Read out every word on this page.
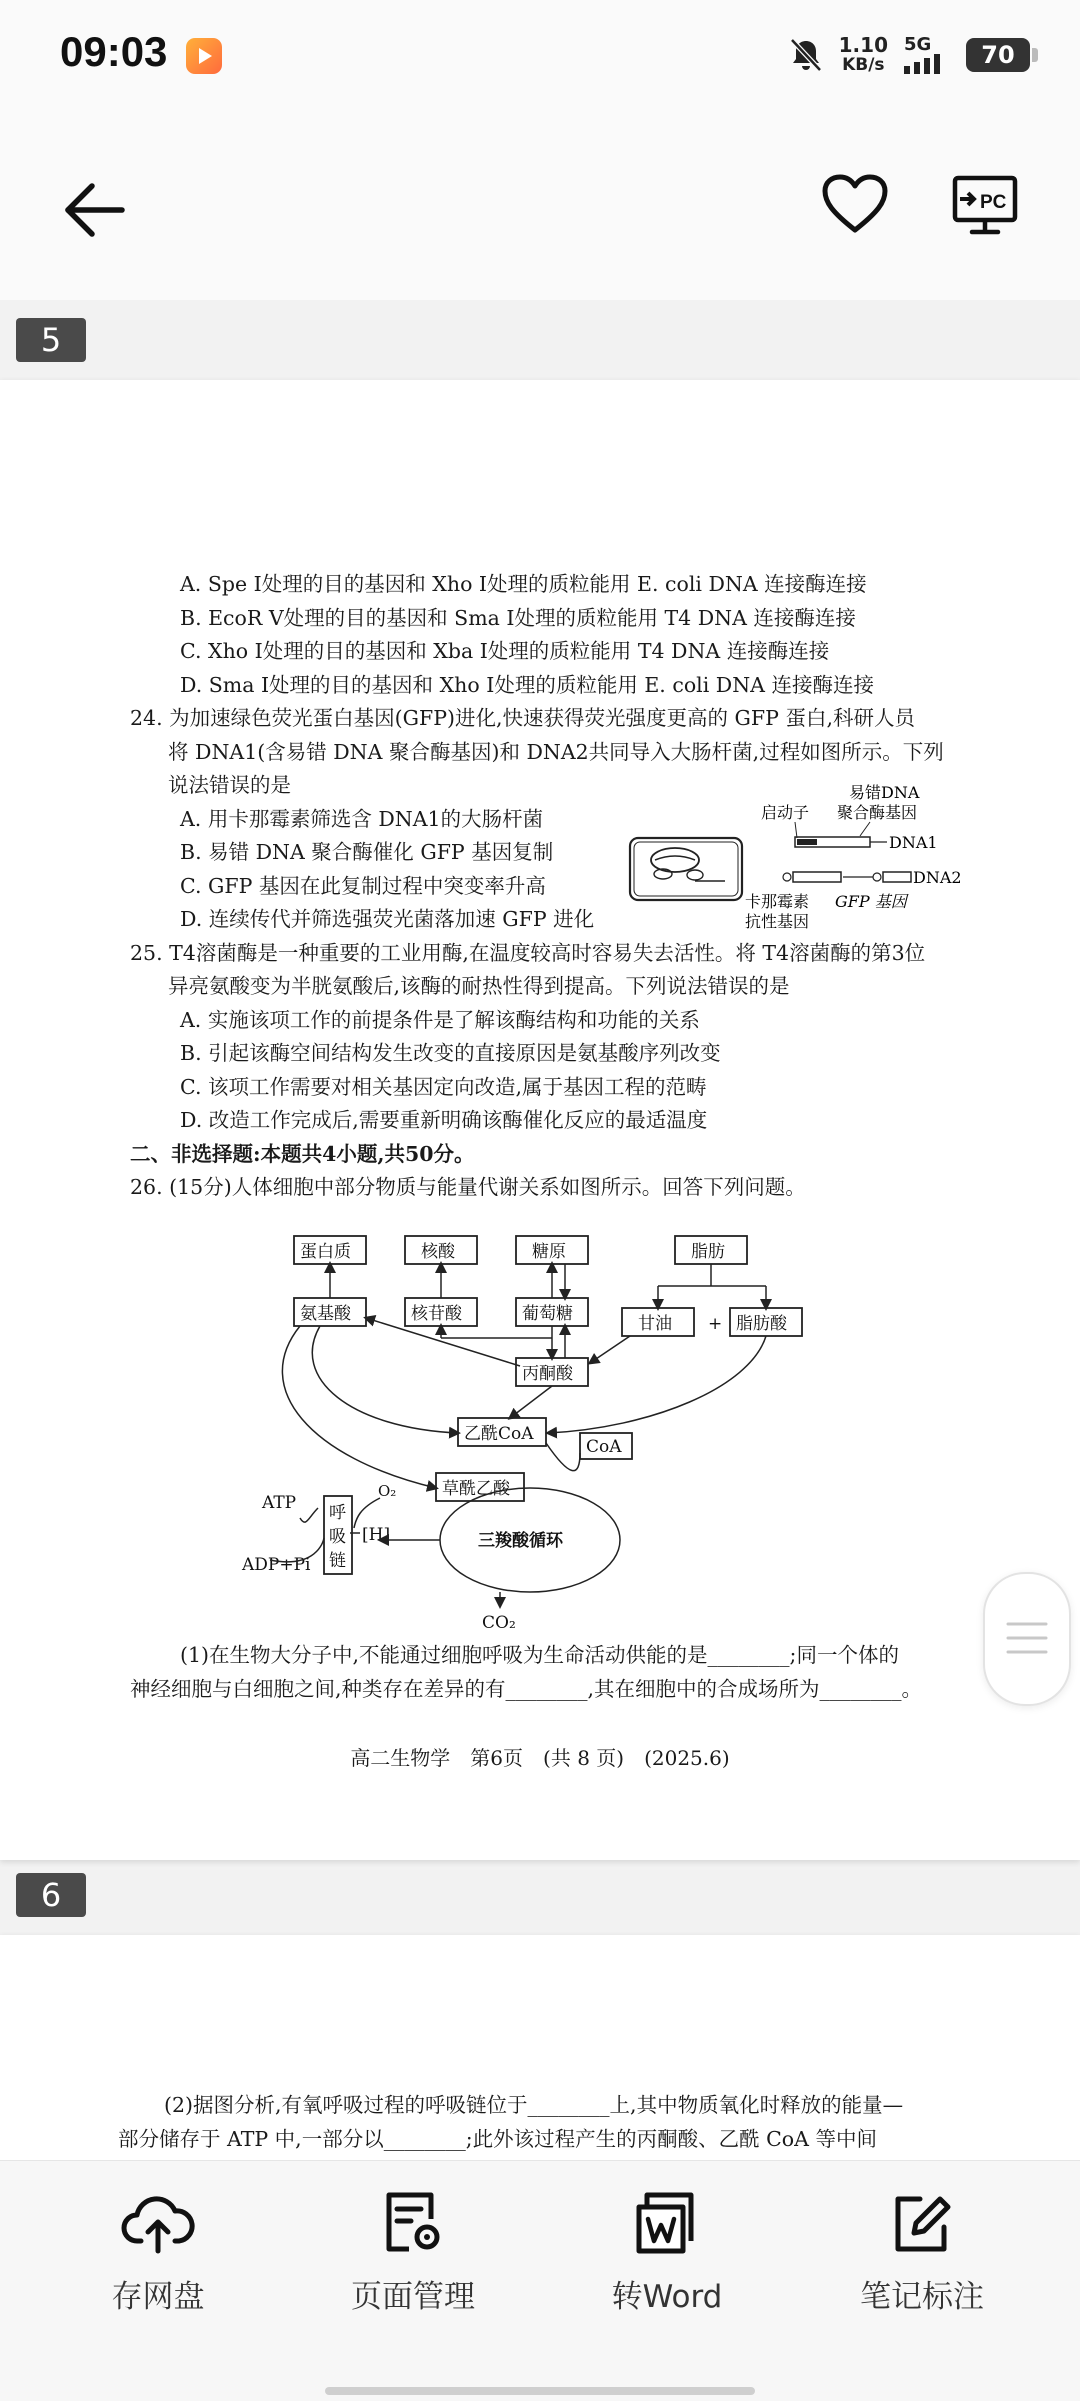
09:03	1.10
KB/s
5G	70
PC
5

A. Spe Ⅰ处理的目的基因和 Xho Ⅰ处理的质粒能用 E. coli DNA 连接酶连接

B. EcoR Ⅴ处理的目的基因和 Sma Ⅰ处理的质粒能用 T4 DNA 连接酶连接

C. Xho Ⅰ处理的目的基因和 Xba Ⅰ处理的质粒能用 T4 DNA 连接酶连接

D. Sma Ⅰ处理的目的基因和 Xho Ⅰ处理的质粒能用 E. coli DNA 连接酶连接

24. 为加速绿色荧光蛋白基因(GFP)进化,快速获得荧光强度更高的 GFP 蛋白,科研人员

将 DNA1(含易错 DNA 聚合酶基因)和 DNA2共同导入大肠杆菌,过程如图所示。下列

说法错误的是

A. 用卡那霉素筛选含 DNA1的大肠杆菌

B. 易错 DNA 聚合酶催化 GFP 基因复制

C. GFP 基因在此复制过程中突变率升高

D. 连续传代并筛选强荧光菌落加速 GFP 进化

25. T4溶菌酶是一种重要的工业用酶,在温度较高时容易失去活性。将 T4溶菌酶的第3位

异亮氨酸变为半胱氨酸后,该酶的耐热性得到提高。下列说法错误的是

A. 实施该项工作的前提条件是了解该酶结构和功能的关系

B. 引起该酶空间结构发生改变的直接原因是氨基酸序列改变

C. 该项工作需要对相关基因定向改造,属于基因工程的范畴

D. 改造工作完成后,需要重新明确该酶催化反应的最适温度

二、非选择题:本题共4小题,共50分。

26. (15分)人体细胞中部分物质与能量代谢关系如图所示。回答下列问题。

易错DNA
聚合酶基因
启动子
DNA1
DNA2
卡那霉素
抗性基因
GFP 基因
蛋白质	核酸	糖原	脂肪
氨基酸	核苷酸	葡萄糖	甘油 + 脂肪酸
丙酮酸
乙酰CoA
CoA
草酰乙酸
ATP
ADP+Pi
O₂
呼
吸
链
[H]	三羧酸循环
CO₂

(1)在生物大分子中,不能通过细胞呼吸为生命活动供能的是________;同一个体的

神经细胞与白细胞之间,种类存在差异的有________,其在细胞中的合成场所为________。

高二生物学　第6页　(共 8 页)　(2025.6)
6

(2)据图分析,有氧呼吸过程的呼吸链位于________上,其中物质氧化时释放的能量—

部分储存于 ATP 中,一部分以________;此外该过程产生的丙酮酸、乙酰 CoA 等中间

存网盘	页面管理	转Word	笔记标注
